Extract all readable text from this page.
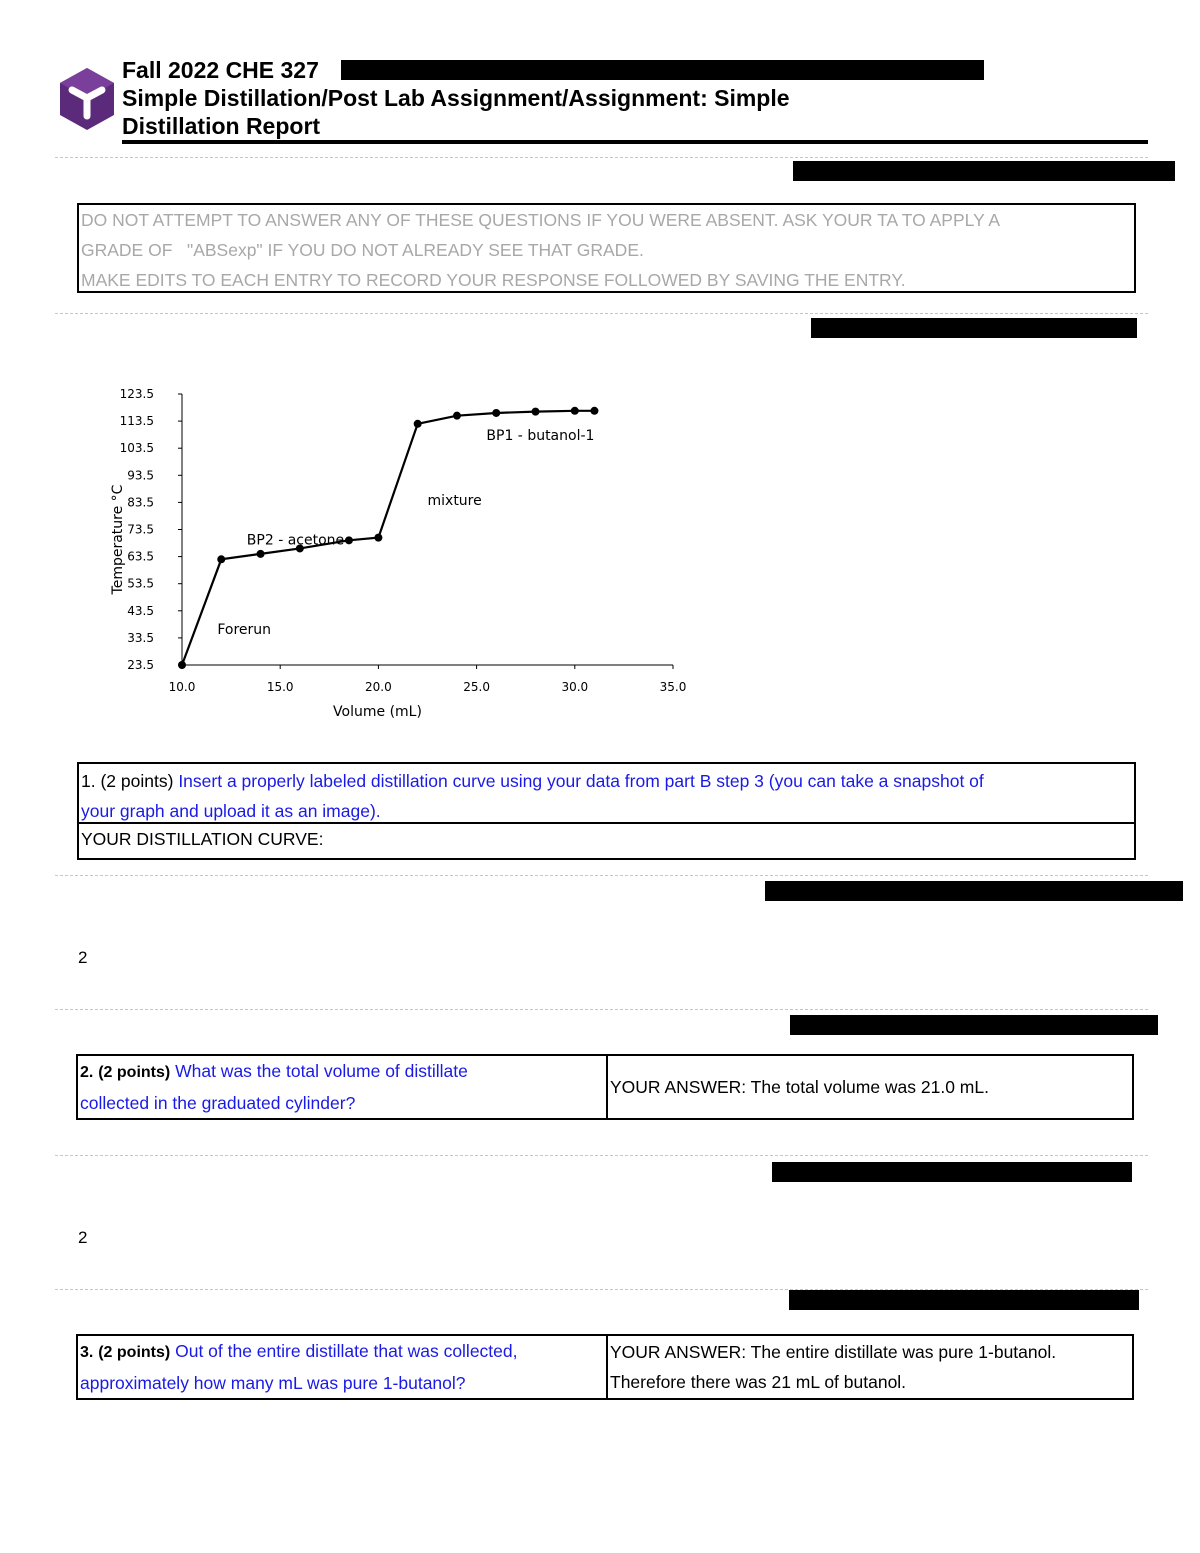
Fall 2022 CHE 327
Simple Distillation/Post Lab Assignment/Assignment: Simple
Distillation Report
DO NOT ATTEMPT TO ANSWER ANY OF THESE QUESTIONS IF YOU WERE ABSENT. ASK YOUR TA TO APPLY A
GRADE OF   "ABSexp" IF YOU DO NOT ALREADY SEE THAT GRADE.
MAKE EDITS TO EACH ENTRY TO RECORD YOUR RESPONSE FOLLOWED BY SAVING THE ENTRY.
123.5
113.5
103.5
93.5
83.5
73.5
63.5
53.5
43.5
33.5
23.5
10.0	15.0	20.0	25.0	30.0	35.0
Volume (mL)
Temperature °C
BP1 - butanol-1
mixture
BP2 - acetone
Forerun
1. (2 points) Insert a properly labeled distillation curve using your data from part B step 3 (you can take a snapshot of
your graph and upload it as an image).
YOUR DISTILLATION CURVE:
2
2. (2 points) What was the total volume of distillate
collected in the graduated cylinder?	YOUR ANSWER: The total volume was 21.0 mL.
2
3. (2 points) Out of the entire distillate that was collected,
approximately how many mL was pure 1-butanol?	YOUR ANSWER: The entire distillate was pure 1-butanol.
Therefore there was 21 mL of butanol.
